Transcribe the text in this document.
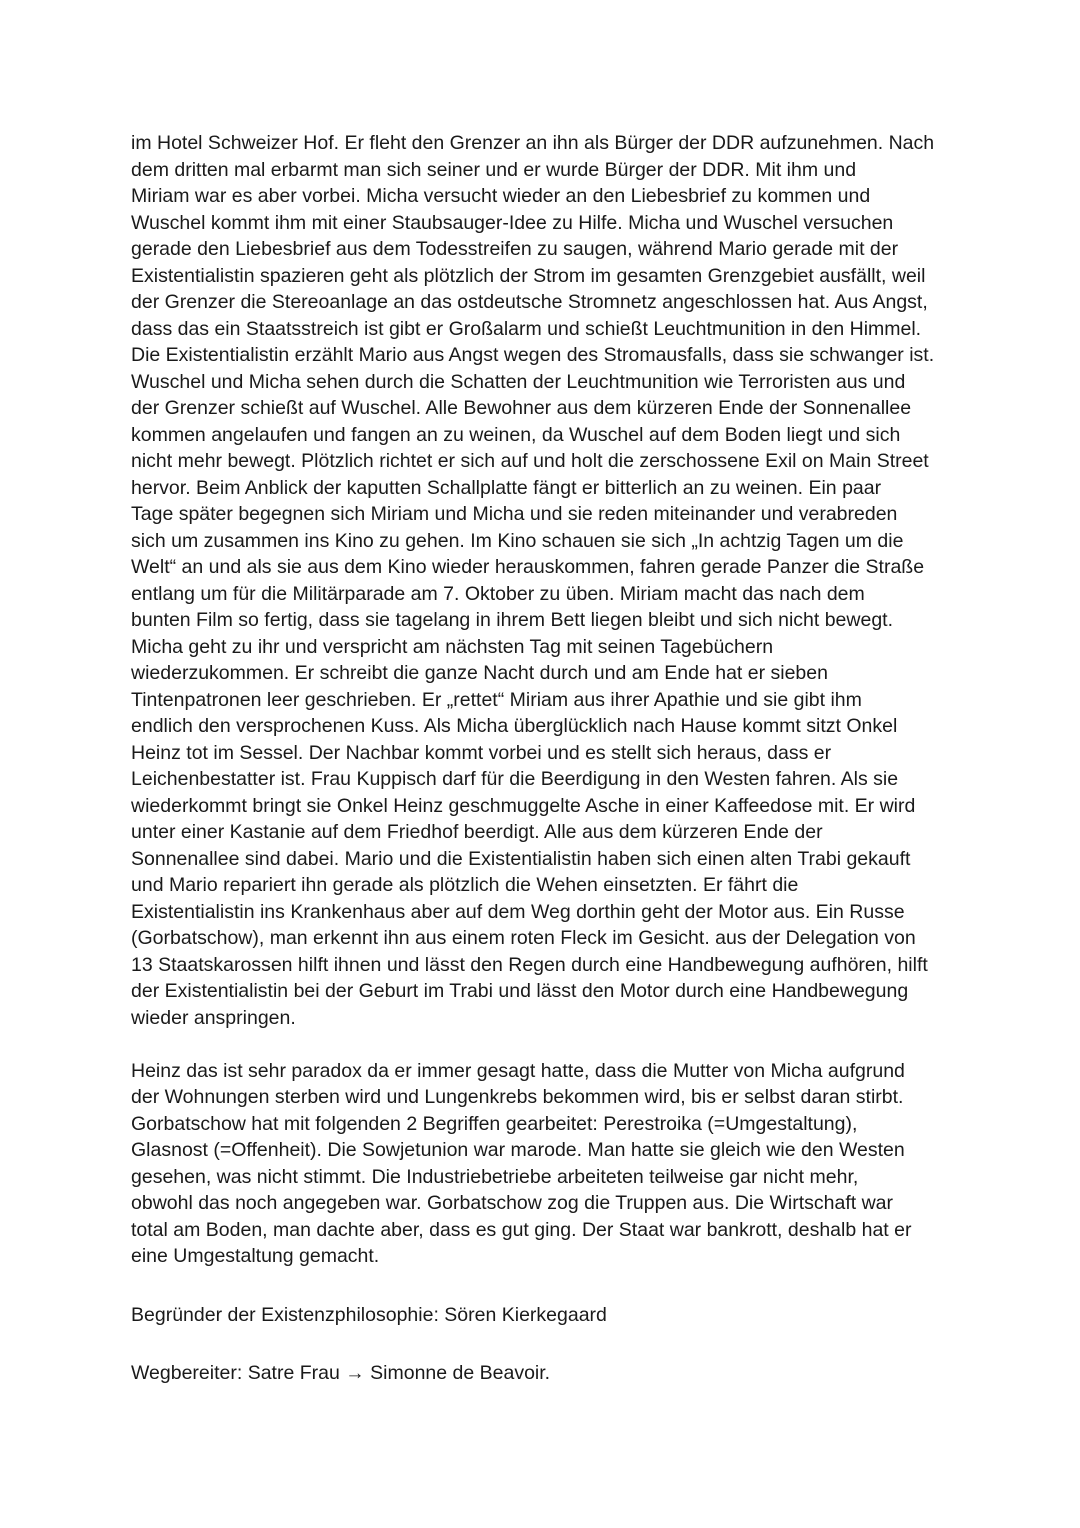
im Hotel Schweizer Hof. Er fleht den Grenzer an ihn als Bürger der DDR aufzunehmen. Nach
dem dritten mal erbarmt man sich seiner und er wurde Bürger der DDR. Mit ihm und
Miriam war es aber vorbei. Micha versucht wieder an den Liebesbrief zu kommen und
Wuschel kommt ihm mit einer Staubsauger-Idee zu Hilfe. Micha und Wuschel versuchen
gerade den Liebesbrief aus dem Todesstreifen zu saugen, während Mario gerade mit der
Existentialistin spazieren geht als plötzlich der Strom im gesamten Grenzgebiet ausfällt, weil
der Grenzer die Stereoanlage an das ostdeutsche Stromnetz angeschlossen hat. Aus Angst,
dass das ein Staatsstreich ist gibt er Großalarm und schießt Leuchtmunition in den Himmel.
Die Existentialistin erzählt Mario aus Angst wegen des Stromausfalls, dass sie schwanger ist.
Wuschel und Micha sehen durch die Schatten der Leuchtmunition wie Terroristen aus und
der Grenzer schießt auf Wuschel. Alle Bewohner aus dem kürzeren Ende der Sonnenallee
kommen angelaufen und fangen an zu weinen, da Wuschel auf dem Boden liegt und sich
nicht mehr bewegt. Plötzlich richtet er sich auf und holt die zerschossene Exil on Main Street
hervor. Beim Anblick der kaputten Schallplatte fängt er bitterlich an zu weinen. Ein paar
Tage später begegnen sich Miriam und Micha und sie reden miteinander und verabreden
sich um zusammen ins Kino zu gehen. Im Kino schauen sie sich „In achtzig Tagen um die
Welt“ an und als sie aus dem Kino wieder herauskommen, fahren gerade Panzer die Straße
entlang um für die Militärparade am 7. Oktober zu üben. Miriam macht das nach dem
bunten Film so fertig, dass sie tagelang in ihrem Bett liegen bleibt und sich nicht bewegt.
Micha geht zu ihr und verspricht am nächsten Tag mit seinen Tagebüchern
wiederzukommen. Er schreibt die ganze Nacht durch und am Ende hat er sieben
Tintenpatronen leer geschrieben. Er „rettet“ Miriam aus ihrer Apathie und sie gibt ihm
endlich den versprochenen Kuss. Als Micha überglücklich nach Hause kommt sitzt Onkel
Heinz tot im Sessel. Der Nachbar kommt vorbei und es stellt sich heraus, dass er
Leichenbestatter ist. Frau Kuppisch darf für die Beerdigung in den Westen fahren. Als sie
wiederkommt bringt sie Onkel Heinz geschmuggelte Asche in einer Kaffeedose mit. Er wird
unter einer Kastanie auf dem Friedhof beerdigt. Alle aus dem kürzeren Ende der
Sonnenallee sind dabei. Mario und die Existentialistin haben sich einen alten Trabi gekauft
und Mario repariert ihn gerade als plötzlich die Wehen einsetzten. Er fährt die
Existentialistin ins Krankenhaus aber auf dem Weg dorthin geht der Motor aus. Ein Russe
(Gorbatschow), man erkennt ihn aus einem roten Fleck im Gesicht. aus der Delegation von
13 Staatskarossen hilft ihnen und lässt den Regen durch eine Handbewegung aufhören, hilft
der Existentialistin bei der Geburt im Trabi und lässt den Motor durch eine Handbewegung
wieder anspringen.
Heinz das ist sehr paradox da er immer gesagt hatte, dass die Mutter von Micha aufgrund
der Wohnungen sterben wird und Lungenkrebs bekommen wird, bis er selbst daran stirbt.
Gorbatschow hat mit folgenden 2 Begriffen gearbeitet: Perestroika (=Umgestaltung),
Glasnost (=Offenheit). Die Sowjetunion war marode. Man hatte sie gleich wie den Westen
gesehen, was nicht stimmt. Die Industriebetriebe arbeiteten teilweise gar nicht mehr,
obwohl das noch angegeben war. Gorbatschow zog die Truppen aus. Die Wirtschaft war
total am Boden, man dachte aber, dass es gut ging. Der Staat war bankrott, deshalb hat er
eine Umgestaltung gemacht.
Begründer der Existenzphilosophie: Sören Kierkegaard
Wegbereiter: Satre Frau → Simonne de Beavoir.
